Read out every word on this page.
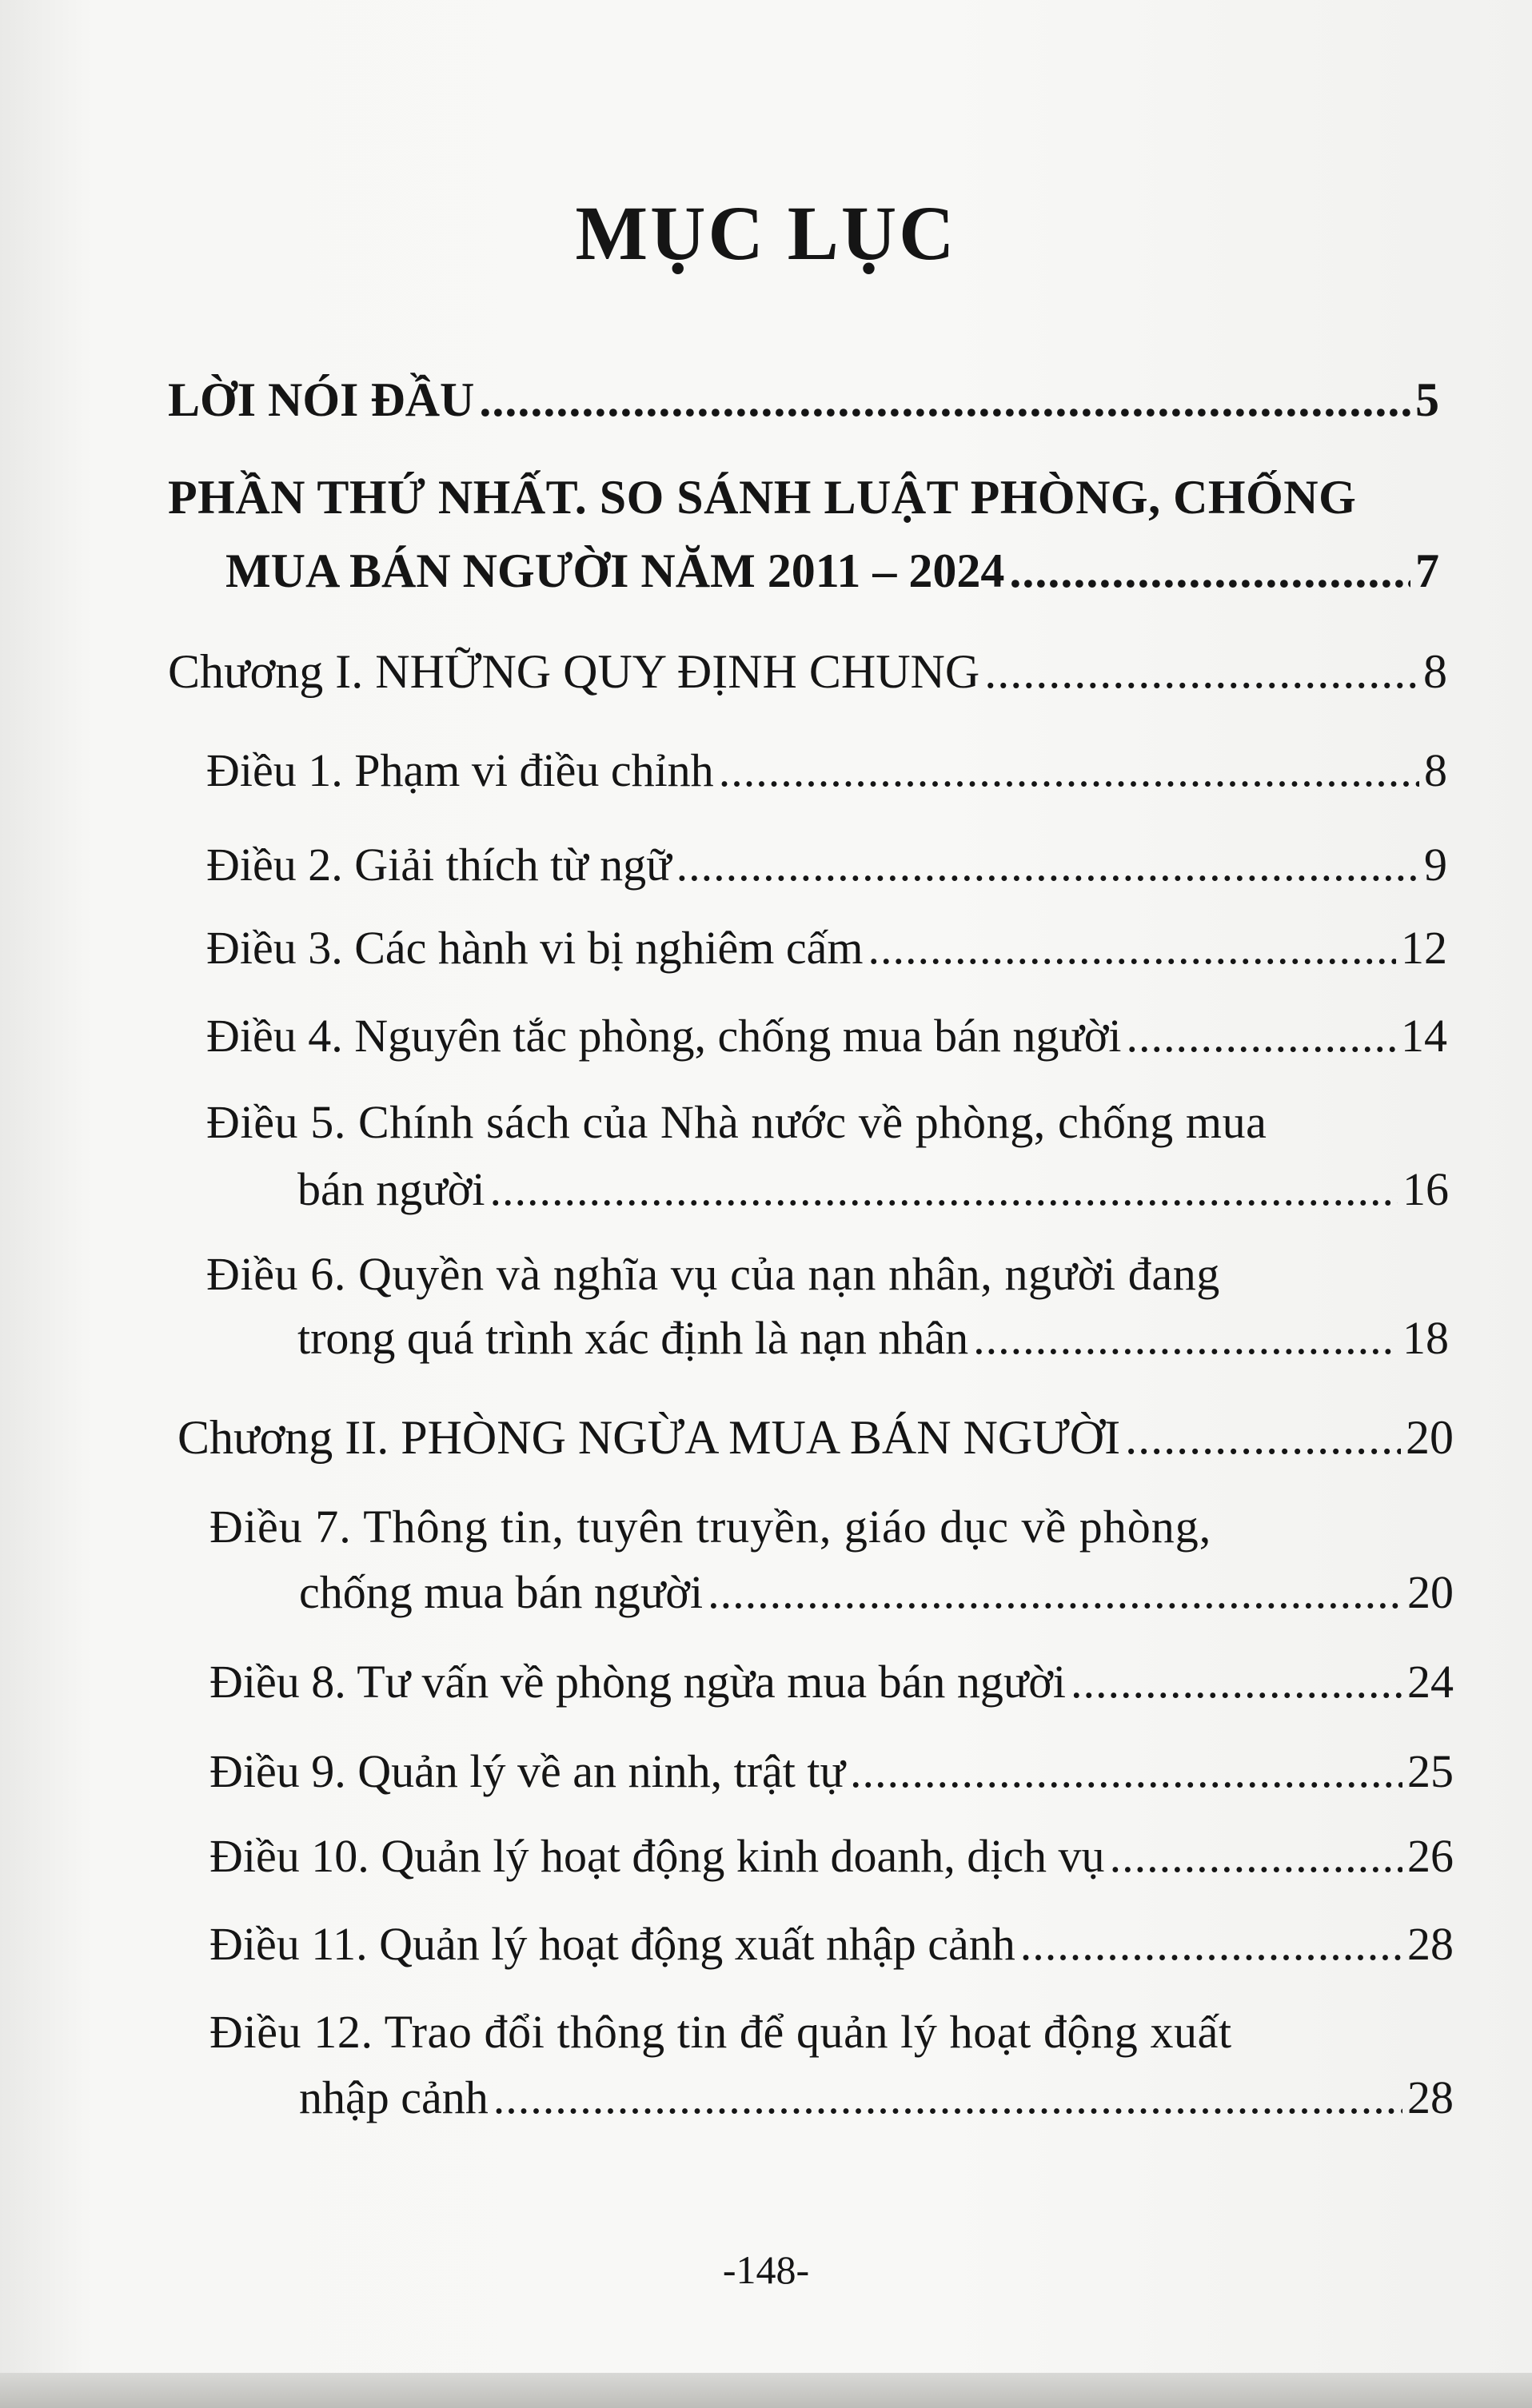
MỤC LỤC
LỜI NÓI ĐẦU .....	5
PHẦN THỨ NHẤT. SO SÁNH LUẬT PHÒNG, CHỐNG
MUA BÁN NGƯỜI NĂM 2011 – 2024 .....	7
Chương I. NHỮNG QUY ĐỊNH CHUNG .....	8
Điều 1. Phạm vi điều chỉnh .....	8
Điều 2. Giải thích từ ngữ .....	9
Điều 3. Các hành vi bị nghiêm cấm .....	12
Điều 4. Nguyên tắc phòng, chống mua bán người .....	14
Điều 5. Chính sách của Nhà nước về phòng, chống mua
bán người .....	16
Điều 6. Quyền và nghĩa vụ của nạn nhân, người đang
trong quá trình xác định là nạn nhân .....	18
Chương II. PHÒNG NGỪA MUA BÁN NGƯỜI .....	20
Điều 7. Thông tin, tuyên truyền, giáo dục về phòng,
chống mua bán người .....	20
Điều 8. Tư vấn về phòng ngừa mua bán người .....	24
Điều 9. Quản lý về an ninh, trật tự .....	25
Điều 10. Quản lý hoạt động kinh doanh, dịch vụ .....	26
Điều 11. Quản lý hoạt động xuất nhập cảnh .....	28
Điều 12. Trao đổi thông tin để quản lý hoạt động xuất
nhập cảnh .....	28
-148-
